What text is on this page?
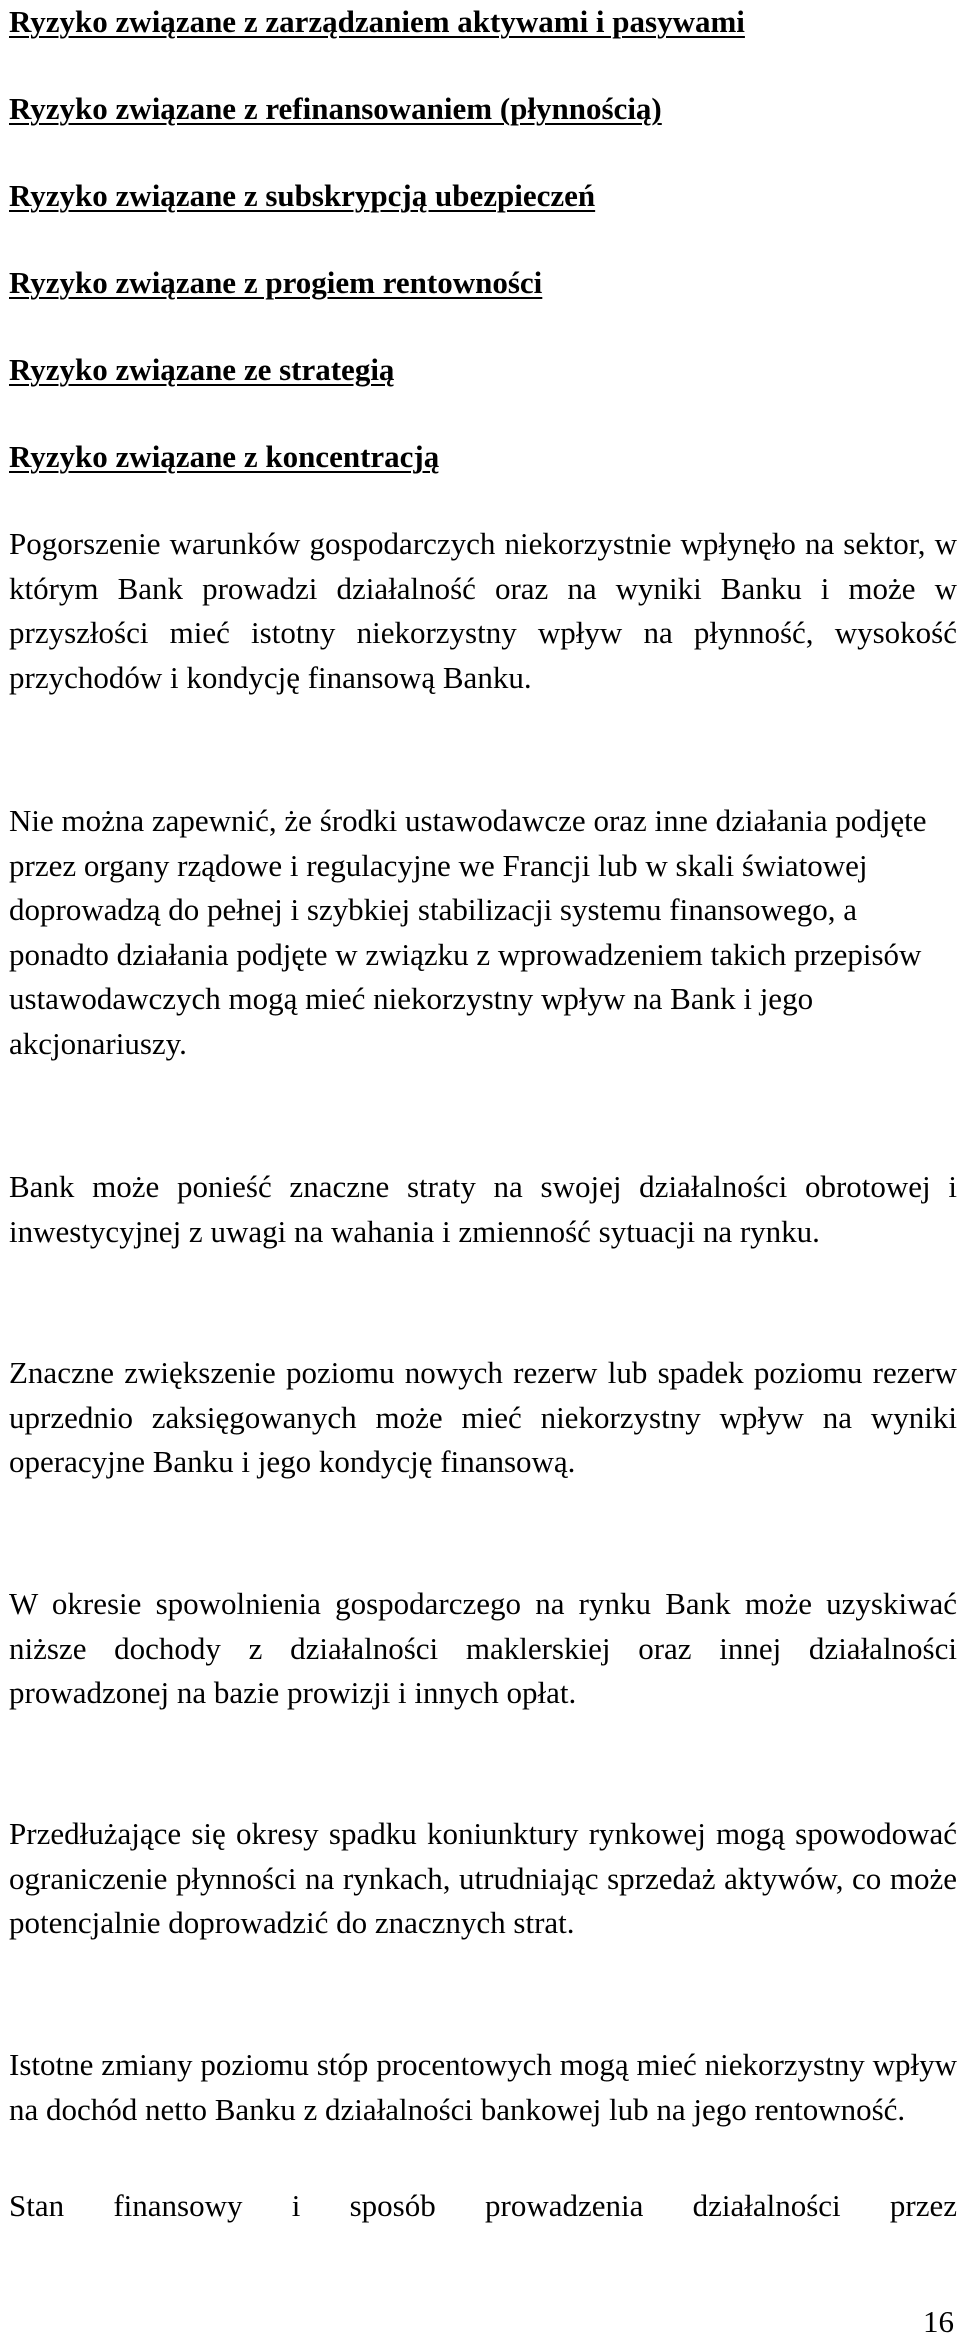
Ryzyko związane z zarządzaniem aktywami i pasywami
Ryzyko związane z refinansowaniem (płynnością)
Ryzyko związane z subskrypcją ubezpieczeń
Ryzyko związane z progiem rentowności
Ryzyko związane ze strategią
Ryzyko związane z koncentracją

Pogorszenie warunków gospodarczych niekorzystnie wpłynęło na sektor, w którym Bank prowadzi działalność oraz na wyniki Banku i może w przyszłości mieć istotny niekorzystny wpływ na płynność, wysokość przychodów i kondycję finansową Banku.

Nie można zapewnić, że środki ustawodawcze oraz inne działania podjęte przez organy rządowe i regulacyjne we Francji lub w skali światowej doprowadzą do pełnej i szybkiej stabilizacji systemu finansowego, a ponadto działania podjęte w związku z wprowadzeniem takich przepisów ustawodawczych mogą mieć niekorzystny wpływ na Bank i jego akcjonariuszy.

Bank może ponieść znaczne straty na swojej działalności obrotowej i inwestycyjnej z uwagi na wahania i zmienność sytuacji na rynku.

Znaczne zwiększenie poziomu nowych rezerw lub spadek poziomu rezerw uprzednio zaksięgowanych może mieć niekorzystny wpływ na wyniki operacyjne Banku i jego kondycję finansową.

W okresie spowolnienia gospodarczego na rynku Bank może uzyskiwać niższe dochody z działalności maklerskiej oraz innej działalności prowadzonej na bazie prowizji i innych opłat.

Przedłużające się okresy spadku koniunktury rynkowej mogą spowodować ograniczenie płynności na rynkach, utrudniając sprzedaż aktywów, co może potencjalnie doprowadzić do znacznych strat.

Istotne zmiany poziomu stóp procentowych mogą mieć niekorzystny wpływ na dochód netto Banku z działalności bankowej lub na jego rentowność.

Stan finansowy i sposób prowadzenia działalności przez

16
